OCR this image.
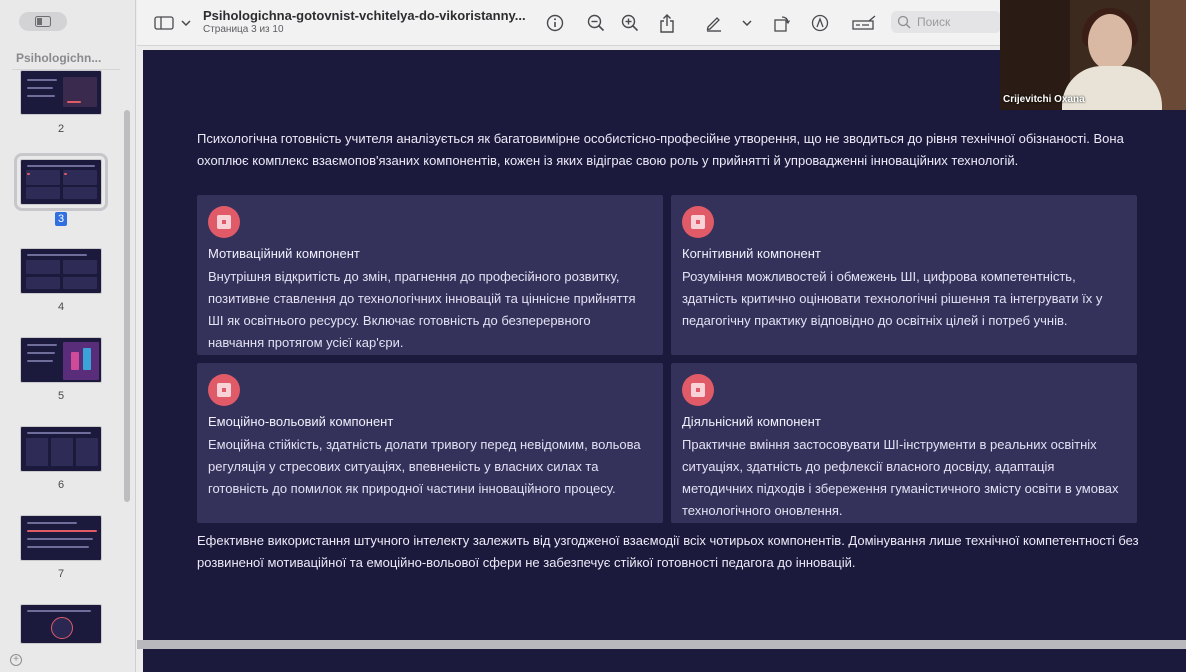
Psihologichn...
2
3
4
5
6
7
+
Psihologichna-gotovnist-vchitelya-do-vikoristanny...
Страница 3 из 10
Поиск
Психологічна готовність учителя аналізується як багатовимірне особистісно-професійне утворення, що не зводиться до рівня технічної обізнаності. Вона охоплює комплекс взаємопов'язаних компонентів, кожен із яких відіграє свою роль у прийнятті й упровадженні інноваційних технологій.
Мотиваційний компонент
Внутрішня відкритість до змін, прагнення до професійного розвитку, позитивне ставлення до технологічних інновацій та ціннісне прийняття ШІ як освітнього ресурсу. Включає готовність до безперервного навчання протягом усієї кар'єри.
Когнітивний компонент
Розуміння можливостей і обмежень ШІ, цифрова компетентність, здатність критично оцінювати технологічні рішення та інтегрувати їх у педагогічну практику відповідно до освітніх цілей і потреб учнів.
Емоційно-вольовий компонент
Емоційна стійкість, здатність долати тривогу перед невідомим, вольова регуляція у стресових ситуаціях, впевненість у власних силах та готовність до помилок як природної частини інноваційного процесу.
Діяльнісний компонент
Практичне вміння застосовувати ШІ-інструменти в реальних освітніх ситуаціях, здатність до рефлексії власного досвіду, адаптація методичних підходів і збереження гуманістичного змісту освіти в умовах технологічного оновлення.
Ефективне використання штучного інтелекту залежить від узгодженої взаємодії всіх чотирьох компонентів. Домінування лише технічної компетентності без розвиненої мотиваційної та емоційно-вольової сфери не забезпечує стійкої готовності педагога до інновацій.
Crijevitchi Oxana
